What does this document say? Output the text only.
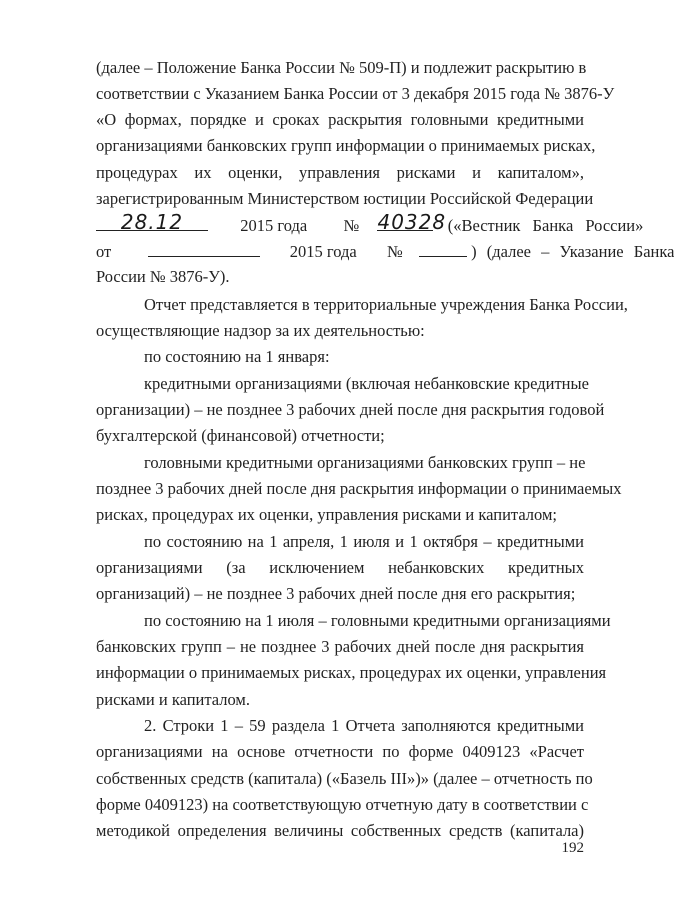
(далее – Положение Банка России № 509-П) и подлежит раскрытию в
соответствии с Указанием Банка России от 3 декабря 2015 года № 3876-У
«О формах, порядке и сроках раскрытия головными кредитными
организациями банковских групп информации о принимаемых рисках,
процедурах их оценки, управления рисками и капиталом»,
зарегистрированным Министерством юстиции Российской Федерации
28.12	2015 года № 40328 («Вестник Банка России»
от	2015 года №	) (далее – Указание Банка
России № 3876-У).
Отчет представляется в территориальные учреждения Банка России,
осуществляющие надзор за их деятельностью:
по состоянию на 1 января:
кредитными организациями (включая небанковские кредитные
организации) – не позднее 3 рабочих дней после дня раскрытия годовой
бухгалтерской (финансовой) отчетности;
головными кредитными организациями банковских групп – не
позднее 3 рабочих дней после дня раскрытия информации о принимаемых
рисках, процедурах их оценки, управления рисками и капиталом;
по состоянию на 1 апреля, 1 июля и 1 октября – кредитными
организациями (за исключением небанковских кредитных
организаций) – не позднее 3 рабочих дней после дня его раскрытия;
по состоянию на 1 июля – головными кредитными организациями
банковских групп – не позднее 3 рабочих дней после дня раскрытия
информации о принимаемых рисках, процедурах их оценки, управления
рисками и капиталом.
2. Строки 1 – 59 раздела 1 Отчета заполняются кредитными
организациями на основе отчетности по форме 0409123 «Расчет
собственных средств (капитала) («Базель III»)» (далее – отчетность по
форме 0409123) на соответствующую отчетную дату в соответствии с
методикой определения величины собственных средств (капитала)
192
